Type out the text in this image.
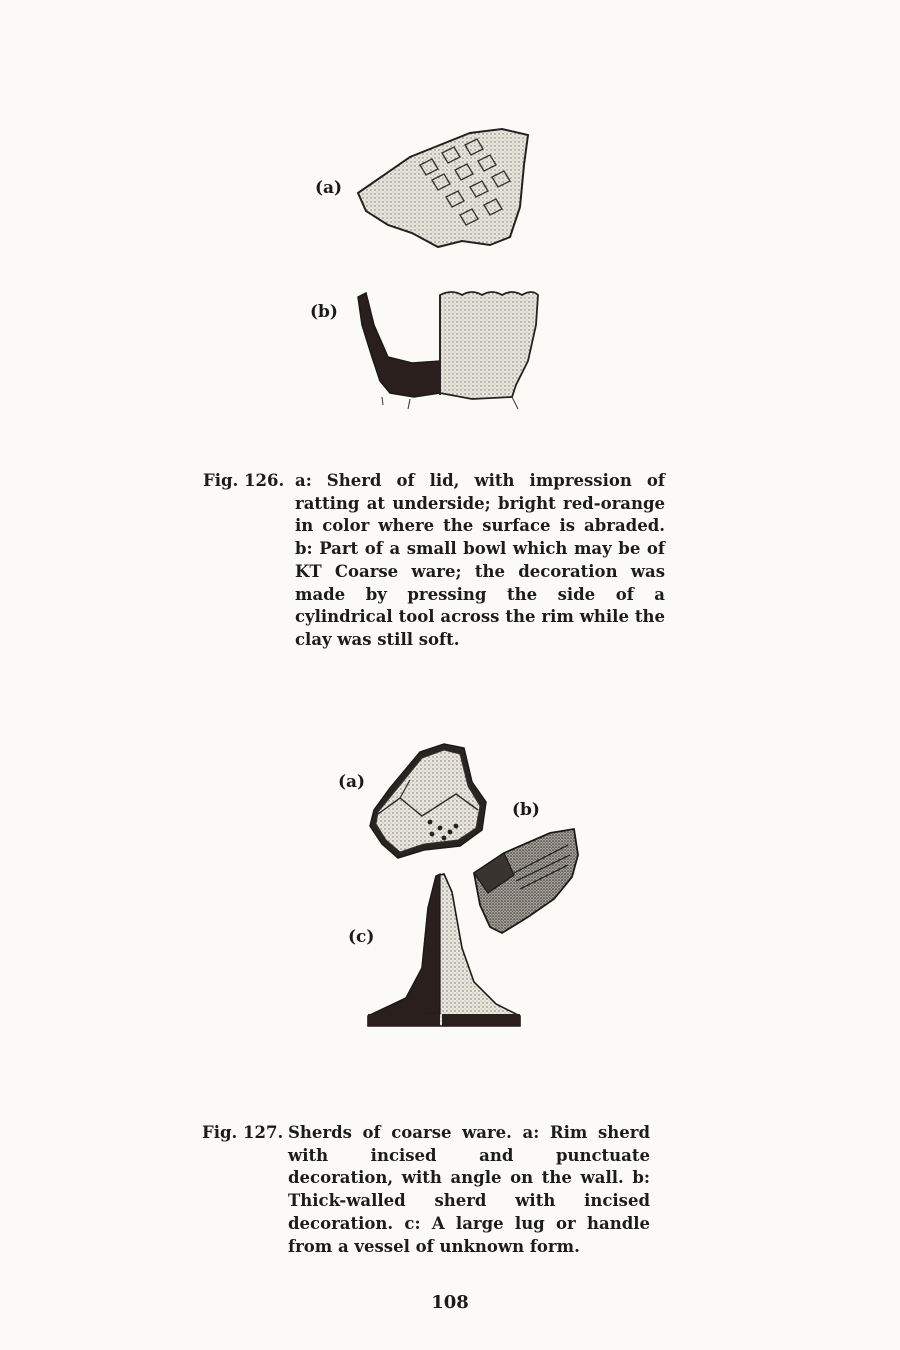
(a)
(b)
Fig. 126. a: Sherd of lid, with impression of ratting at underside; bright red-orange in color where the surface is abraded. b: Part of a small bowl which may be of KT Coarse ware; the decoration was made by pressing the side of a cylindrical tool across the rim while the clay was still soft.
(a)
(b)
(c)
Fig. 127. Sherds of coarse ware. a: Rim sherd with incised and punctuate decoration, with angle on the wall. b: Thick-walled sherd with incised decoration. c: A large lug or handle from a vessel of unknown form.
108
